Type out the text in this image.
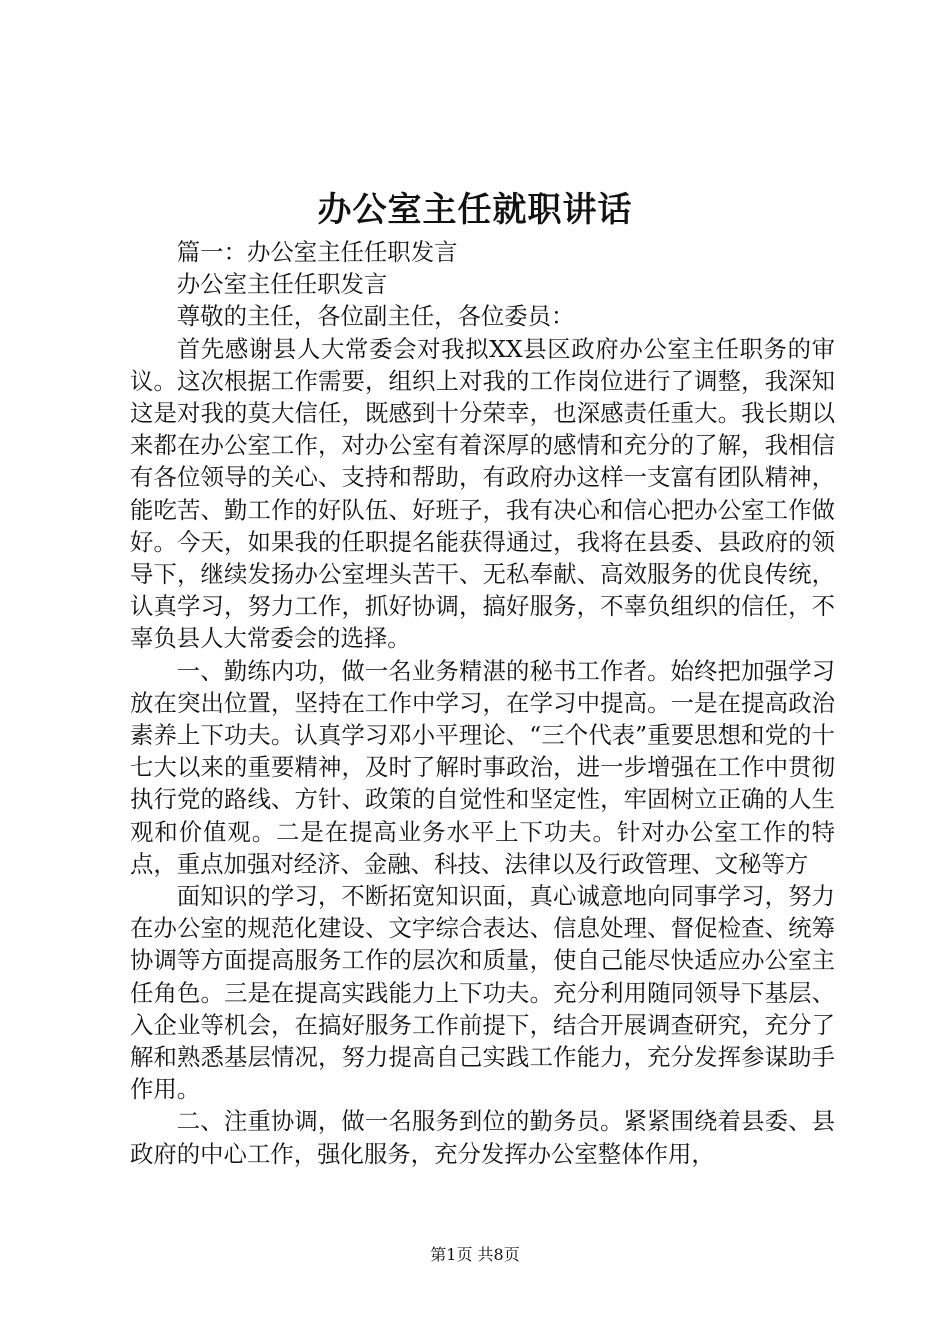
办公室主任就职讲话

篇一：办公室主任任职发言

办公室主任任职发言

尊敬的主任，各位副主任，各位委员：

首先感谢县人大常委会对我拟XX县区政府办公室主任职务的审议。这次根据工作需要，组织上对我的工作岗位进行了调整，我深知这是对我的莫大信任，既感到十分荣幸，也深感责任重大。我长期以来都在办公室工作，对办公室有着深厚的感情和充分的了解，我相信有各位领导的关心、支持和帮助，有政府办这样一支富有团队精神，能吃苦、勤工作的好队伍、好班子，我有决心和信心把办公室工作做好。今天，如果我的任职提名能获得通过，我将在县委、县政府的领导下，继续发扬办公室埋头苦干、无私奉献、高效服务的优良传统，认真学习，努力工作，抓好协调，搞好服务，不辜负组织的信任，不辜负县人大常委会的选择。

一、勤练内功，做一名业务精湛的秘书工作者。始终把加强学习放在突出位置，坚持在工作中学习，在学习中提高。一是在提高政治素养上下功夫。认真学习邓小平理论、“三个代表”重要思想和党的十七大以来的重要精神，及时了解时事政治，进一步增强在工作中贯彻执行党的路线、方针、政策的自觉性和坚定性，牢固树立正确的人生观和价值观。二是在提高业务水平上下功夫。针对办公室工作的特点，重点加强对经济、金融、科技、法律以及行政管理、文秘等方

面知识的学习，不断拓宽知识面，真心诚意地向同事学习，努力在办公室的规范化建设、文字综合表达、信息处理、督促检查、统筹协调等方面提高服务工作的层次和质量，使自己能尽快适应办公室主任角色。三是在提高实践能力上下功夫。充分利用随同领导下基层、入企业等机会，在搞好服务工作前提下，结合开展调查研究，充分了解和熟悉基层情况，努力提高自己实践工作能力，充分发挥参谋助手作用。

二、注重协调，做一名服务到位的勤务员。紧紧围绕着县委、县政府的中心工作，强化服务，充分发挥办公室整体作用，

第1页 共8页
